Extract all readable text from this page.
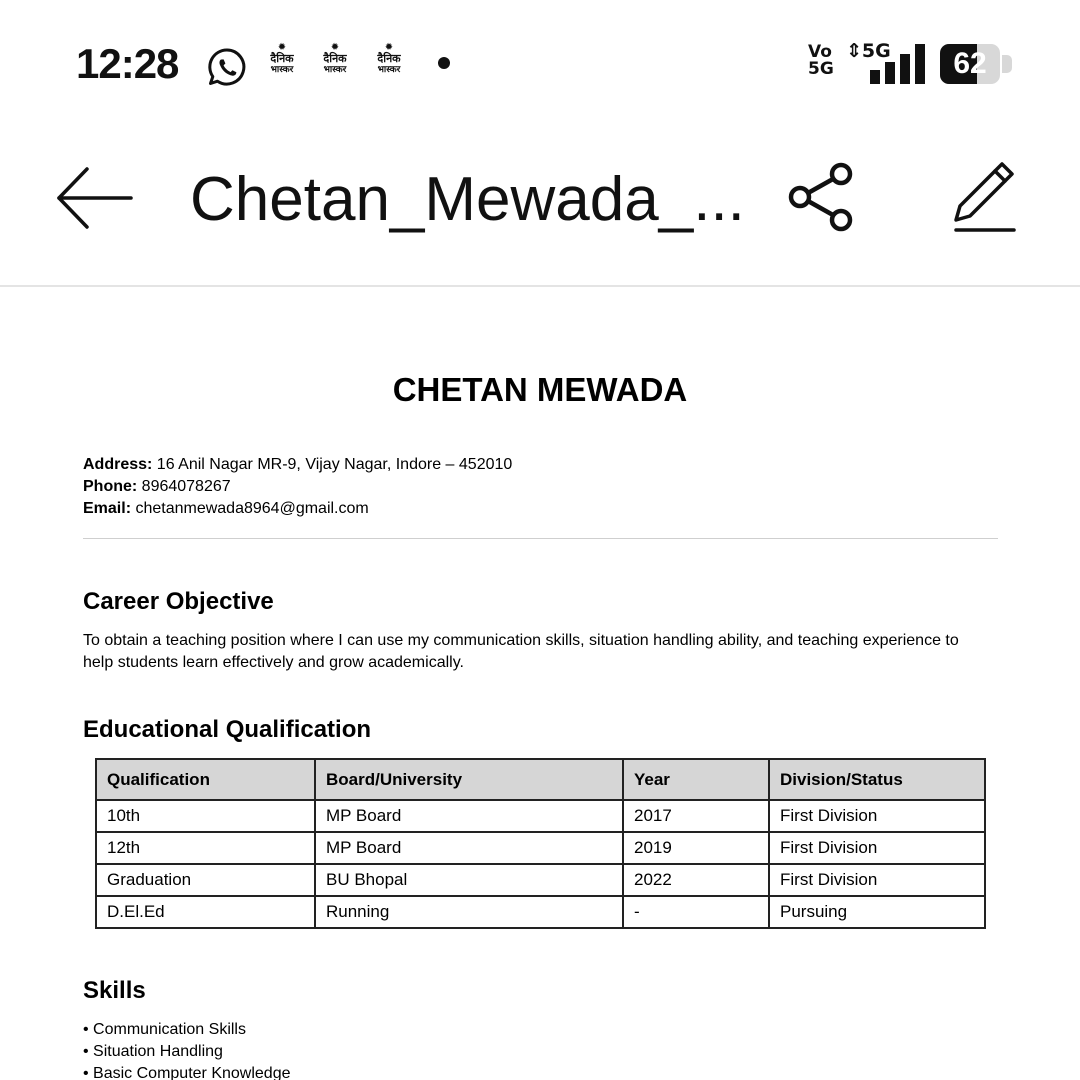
12:28	✹
दैनिक
भास्कर
✹
दैनिक
भास्कर
✹
दैनिक
भास्कर
Vo
5G
⇕5G	62
Chetan_Mewada_...
CHETAN MEWADA
Address: 16 Anil Nagar MR-9, Vijay Nagar, Indore – 452010
Phone: 8964078267
Email: chetanmewada8964@gmail.com
Career Objective
To obtain a teaching position where I can use my communication skills, situation handling ability, and teaching experience to help students learn effectively and grow academically.
Educational Qualification
Qualification	Board/University	Year	Division/Status
10th	MP Board	2017	First Division
12th	MP Board	2019	First Division
Graduation	BU Bhopal	2022	First Division
D.El.Ed	Running	-	Pursuing
Skills
• Communication Skills
• Situation Handling
• Basic Computer Knowledge
